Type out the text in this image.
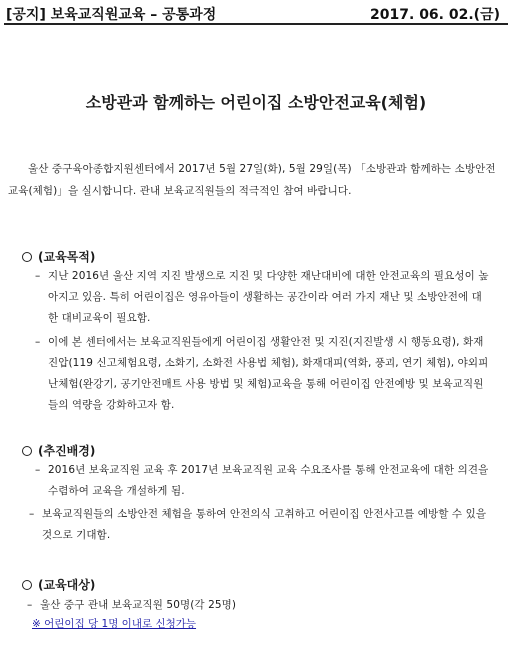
[공지] 보육교직원교육 – 공통과정	2017. 06. 02.(금)
소방관과 함께하는 어린이집 소방안전교육(체험)
울산 중구육아종합지원센터에서 2017년 5월 27일(화), 5월 29일(목) 「소방관과 함께하는 소방안전교육(체험)」을 실시합니다. 관내 보육교직원들의 적극적인 참여 바랍니다.
(교육목적)
– 지난 2016년 울산 지역 지진 발생으로 지진 및 다양한 재난대비에 대한 안전교육의 필요성이 높아지고 있음. 특히 어린이집은 영유아들이 생활하는 공간이라 여러 가지 재난 및 소방안전에 대한 대비교육이 필요함.
– 이에 본 센터에서는 보육교직원들에게 어린이집 생활안전 및 지진(지진발생 시 행동요령), 화재진압(119 신고체험요령, 소화기, 소화전 사용법 체험), 화재대피(역화, 풍괴, 연기 체험), 야외피난체험(완강기, 공기안전매트 사용 방법 및 체험)교육을 통해 어린이집 안전예방 및 보육교직원들의 역량을 강화하고자 함.
(추진배경)
– 2016년 보육교직원 교육 후 2017년 보육교직원 교육 수요조사를 통해 안전교육에 대한 의견을 수렴하여 교육을 개설하게 됨.
– 보육교직원들의 소방안전 체험을 통하여 안전의식 고취하고 어린이집 안전사고를 예방할 수 있을 것으로 기대함.
(교육대상)
– 울산 중구 관내 보육교직원 50명(각 25명)
※ 어린이집 당 1명 이내로 신청가능
